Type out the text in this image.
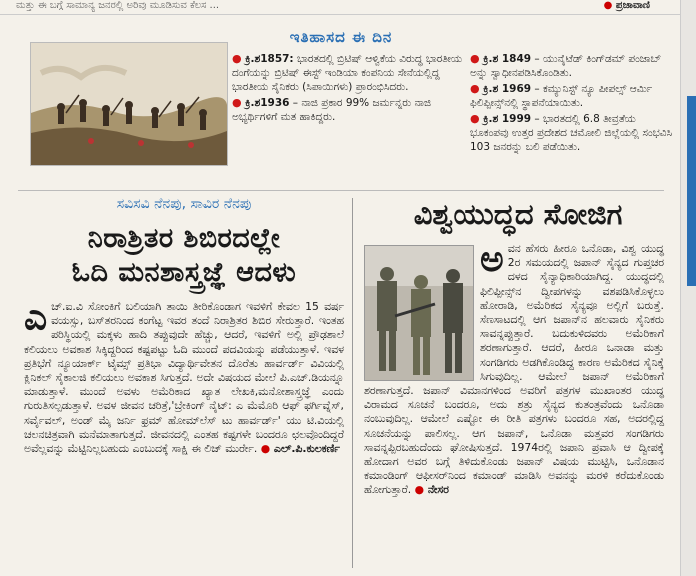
ಮತ್ತು ಈ ಬಗ್ಗೆ ಸಾಮಾನ್ಯ ಜನರಲ್ಲಿ ಅರಿವು ಮೂಡಿಸುವ ಕೆಲಸ ...	● ಪ್ರಜಾವಾಣಿ
ಇತಿಹಾಸದ ಈ ದಿನ
● ಕ್ರಿ.ಶ1857: ಭಾರತದಲ್ಲಿ ಬ್ರಿಟಿಷ್ ಆಳ್ವಿಕೆಯ ವಿರುದ್ಧ ಭಾರತೀಯ ದಂಗೆಯನ್ನು ಬ್ರಿಟಿಷ್ ಈಸ್ಟ್ ಇಂಡಿಯಾ ಕಂಪನಿಯ ಸೇನೆಯಲ್ಲಿದ್ದ ಭಾರತೀಯ ಸೈನಿಕರು (ಸಿಪಾಯಿಗಳು) ಪ್ರಾರಂಭಿಸಿದರು.
● ಕ್ರಿ.ಶ1936 – ನಾಜಿ ಪ್ರಕಾರ 99% ಜರ್ಮನ್ನರು ನಾಜಿ ಅಭ್ಯರ್ಥಿಗಳಿಗೆ ಮತ ಹಾಕಿದ್ದರು.
● ಕ್ರಿ.ಶ 1849 – ಯುನೈಟೆಡ್ ಕಿಂಗ್‌ಡಮ್ ಪಂಜಾಬ್ ಅನ್ನು ಸ್ವಾಧೀನಪಡಿಸಿಕೊಂಡಿತು.
● ಕ್ರಿ.ಶ 1969 – ಕಮ್ಯುನಿಸ್ಟ್ ನ್ಯೂ ಪೀಪಲ್ಸ್ ಆರ್ಮಿ ಫಿಲಿಪ್ಪೀನ್ಸ್‌ನಲ್ಲಿ ಸ್ಥಾಪನೆಯಾಯಿತು.
● ಕ್ರಿ.ಶ 1999 – ಭಾರತದಲ್ಲಿ 6.8 ತೀವ್ರತೆಯ ಭೂಕಂಪವು ಉತ್ತರ ಪ್ರದೇಶದ ಚಮೋಲಿ ಜಿಲ್ಲೆಯಲ್ಲಿ ಸಂಭವಿಸಿ 103 ಜನರನ್ನು ಬಲಿ ಪಡೆಯಿತು.
ಸವಿಸವಿ ನೆನಪು, ಸಾವಿರ ನೆನಪು
ನಿರಾಶ್ರಿತರ ಶಿಬಿರದಲ್ಲೇ
ಓದಿ ಮನಶಾಸ್ತ್ರಜ್ಞೆ ಆದಳು
ಎ ಚ್.ಐ.ವಿ ಸೋಂಕಿಗೆ ಬಲಿಯಾಗಿ ತಾಯಿ ತೀರಿಕೊಂಡಾಗ ಇವಳಿಗೆ ಕೇವಲ 15 ವರ್ಷ ವಯಸ್ಸು, ಬಸ್‌ತರನಿಂದ ಕಂಗೆಟ್ಟ ಇವರ ತಂದೆ ನಿರಾಶ್ರಿತರ ಶಿಬಿರ ಸೇರುತ್ತಾರೆ. ಇಂತಹ ಪರಿಸ್ಥಿಯಲ್ಲಿ ಮಕ್ಕಳು ಹಾದಿ ತಪ್ಪುವುದೇ ಹೆಚ್ಚು, ಆದರೆ, ಇವಳಿಗೆ ಅಲ್ಲಿ ಪ್ರೌಢಶಾಲೆ ಕಲಿಯಲು ಅವಕಾಶ ಸಿಕ್ಕಿದ್ದರಿಂದ ಕಷ್ಟಪಟ್ಟು ಓದಿ ಮುಂದೆ ಪದವಿಯನ್ನು ಪಡೆಯುತ್ತಾಳೆ. ಇವಳ ಪ್ರತಿಭೆಗೆ ನ್ಯೂಯಾರ್ಕ್ ಟೈಮ್ಸ್ ಪ್ರತಿಭಾ ವಿದ್ಯಾರ್ಥಿವೇತನ ದೊರೆತು ಹಾರ್ವರ್ಡ್ ವಿವಿಯಲ್ಲಿ ಕ್ಲಿನಿಕಲ್ ಸೈಕಾಲಜಿ ಕಲಿಯಲು ಅವಕಾಶ ಸಿಗುತ್ತದೆ. ಅದೇ ವಿಷಯದ ಮೇಲೆ ಪಿ.ಎಚ್.ಡಿಯನ್ನೂ ಮಾಡುತ್ತಾಳೆ. ಮುಂದೆ ಅವಳು ಅಮೆರಿಕಾದ ಖ್ಯಾತ ಲೇಖಕಿ,ಮನೋಶಾಸ್ತ್ರಜ್ಞೆ ಎಂದು ಗುರುತಿಸಲ್ಪಡುತ್ತಾಳೆ. ಅವಳ ಜೀವನ ಚರಿತ್ರೆ,'ಬ್ರೇಕಿಂಗ್ ನೈಟ್: ಎ ಮೆಮೊರಿ ಆಫ್ ಫರ್ಗಿವ್ನೆಸ್, ಸರ್ವೈವಲ್, ಅಂಡ್ ಮೈ ಜರ್ನಿ ಫ್ರಮ್ ಹೋಮ್‌ಲೆಸ್ ಟು ಹಾರ್ವರ್ಡ್' ಯು ಟಿ.ವಿಯಲ್ಲಿ ಚಲನಚಿತ್ರವಾಗಿ ಮನೆಮಾತಾಗುತ್ತದೆ. ಜೀವನದಲ್ಲಿ ಎಂತಹ ಕಷ್ಟಗಳೇ ಬಂದರೂ ಛಲವೊಂದಿದ್ದರೆ ಅವೆಲ್ಲವನ್ನು ಮೆಟ್ಟಿನಿಲ್ಲಬಹುದು ಎಂಬುದಕ್ಕೆ ಸಾಕ್ಷಿ ಈ ಲಿಜ್ ಮುರ್ರೇ. ● ಎಲ್.ಪಿ.ಕುಲಕರ್ಣಿ
ವಿಶ್ವಯುದ್ಧದ ಸೋಜಿಗ
ಅ ವನ ಹೆಸರು ಹೀರೂ ಒನೊಡಾ, ವಿಶ್ವ ಯುದ್ಧ 2ರ ಸಮಯದಲ್ಲಿ ಜಪಾನ್ ಸೈನ್ಯದ ಗುಪ್ತಚರ ದಳದ ಸೈನ್ಯಾಧಿಕಾರಿಯಾಗಿದ್ದ. ಯುದ್ಧದಲ್ಲಿ ಫಿಲಿಪ್ಪೀನ್ಸ್‌ನ ದ್ವೀಪಗಳನ್ನು ವಶಪಡಿಸಿಕೊಳ್ಳಲು ಹೋರಾಡಿ, ಅಮೆರಿಕದ ಸೈನ್ಯವೂ ಅಲ್ಲಿಗೆ ಬರುತ್ತೆ. ಸೆಣಸಾಟದಲ್ಲಿ ಆಗ ಜಪಾನ್‌ನ ಹಲವಾರು ಸೈನಿಕರು ಸಾವನ್ನಪ್ಪುತ್ತಾರೆ. ಬದುಕುಳಿದವರು ಅಮೆರಿಕಾಗೆ ಶರಣಾಗುತ್ತಾರೆ. ಆದರೆ, ಹೀರೂ ಒನಾಡಾ ಮತ್ತು ಸಂಗಡಿಗರು ಅಡಗಿಕೊಂಡಿದ್ದ ಕಾರಣ ಅಮೆರಿಕದ ಸೈನಿಕ್ಕೆ ಸಿಗುವುದಿಲ್ಲ. ಆಮೇಲೆ ಜಪಾನ್ ಅಮೆರಿಕಾಗೆ ಶರಣಾಗುತ್ತದೆ. ಜಪಾನ್ ವಿಮಾನಗಳಿಂದ ಅವರಿಗೆ ಪತ್ರಗಳ ಮುಖಾಂತರ ಯುದ್ಧ ವಿರಾಮದ ಸೂಚನೆ ಬಂದರೂ, ಅದು ಶತ್ರು ಸೈನ್ಯದ ಕುತಂತ್ರವೆಂದು ಒನೊಡಾ ನಂಬುವುದಿಲ್ಲ. ಆಮೇಲೆ ಎಷ್ಟೋ ಈ ರೀತಿ ಪತ್ರಗಳು ಬಂದರೂ ಸಹ, ಅದರಲ್ಲಿದ್ದ ಸೂಚನೆಯನ್ನು ಪಾಲಿಸಲ್ಲ. ಆಗ ಜಪಾನ್, ಒನೊಡಾ ಮತ್ತವರ ಸಂಗಡಿಗರು ಸಾವನ್ನಪ್ಪಿರಬಹುದೆಂದು ಘೋಷಿಸುತ್ತದೆ. 1974ರಲ್ಲಿ ಜಪಾನಿ ಪ್ರವಾಸಿ ಆ ದ್ವೀಪಕ್ಕೆ ಹೋದಾಗ ಅವರ ಬಗ್ಗೆ ತಿಳಿದುಕೊಂಡು ಜಪಾನ್ ವಿಷಯ ಮುಟ್ಟಿಸಿ, ಒನೊಡಾನ ಕಮಾಂಡಿಂಗ್ ಆಫೀಸರ್‌ನಿಂದ ಕಮಾಂಡ್ ಮಾಡಿಸಿ ಅವನನ್ನು ಮರಳಿ ಕರೆದುಕೊಂಡು ಹೋಗುತ್ತಾರೆ. ● ನೇಸರ
